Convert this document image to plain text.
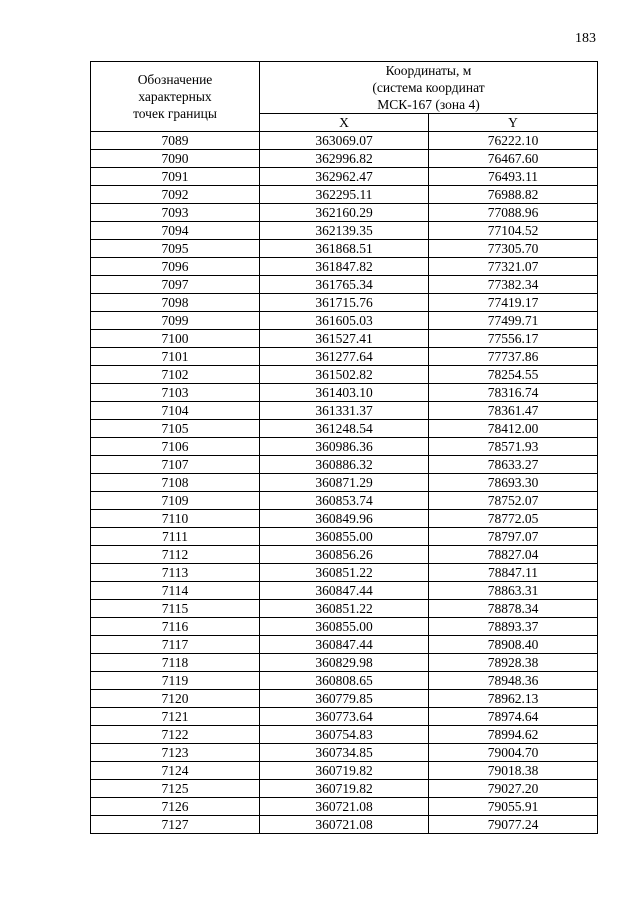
183
Обозначение
характерных
точек границы	Координаты, м
(система координат
МСК-167 (зона 4)	

	X	Y
7089	363069.07	76222.10
7090	362996.82	76467.60
7091	362962.47	76493.11
7092	362295.11	76988.82
7093	362160.29	77088.96
7094	362139.35	77104.52
7095	361868.51	77305.70
7096	361847.82	77321.07
7097	361765.34	77382.34
7098	361715.76	77419.17
7099	361605.03	77499.71
7100	361527.41	77556.17
7101	361277.64	77737.86
7102	361502.82	78254.55
7103	361403.10	78316.74
7104	361331.37	78361.47
7105	361248.54	78412.00
7106	360986.36	78571.93
7107	360886.32	78633.27
7108	360871.29	78693.30
7109	360853.74	78752.07
7110	360849.96	78772.05
7111	360855.00	78797.07
7112	360856.26	78827.04
7113	360851.22	78847.11
7114	360847.44	78863.31
7115	360851.22	78878.34
7116	360855.00	78893.37
7117	360847.44	78908.40
7118	360829.98	78928.38
7119	360808.65	78948.36
7120	360779.85	78962.13
7121	360773.64	78974.64
7122	360754.83	78994.62
7123	360734.85	79004.70
7124	360719.82	79018.38
7125	360719.82	79027.20
7126	360721.08	79055.91
7127	360721.08	79077.24
